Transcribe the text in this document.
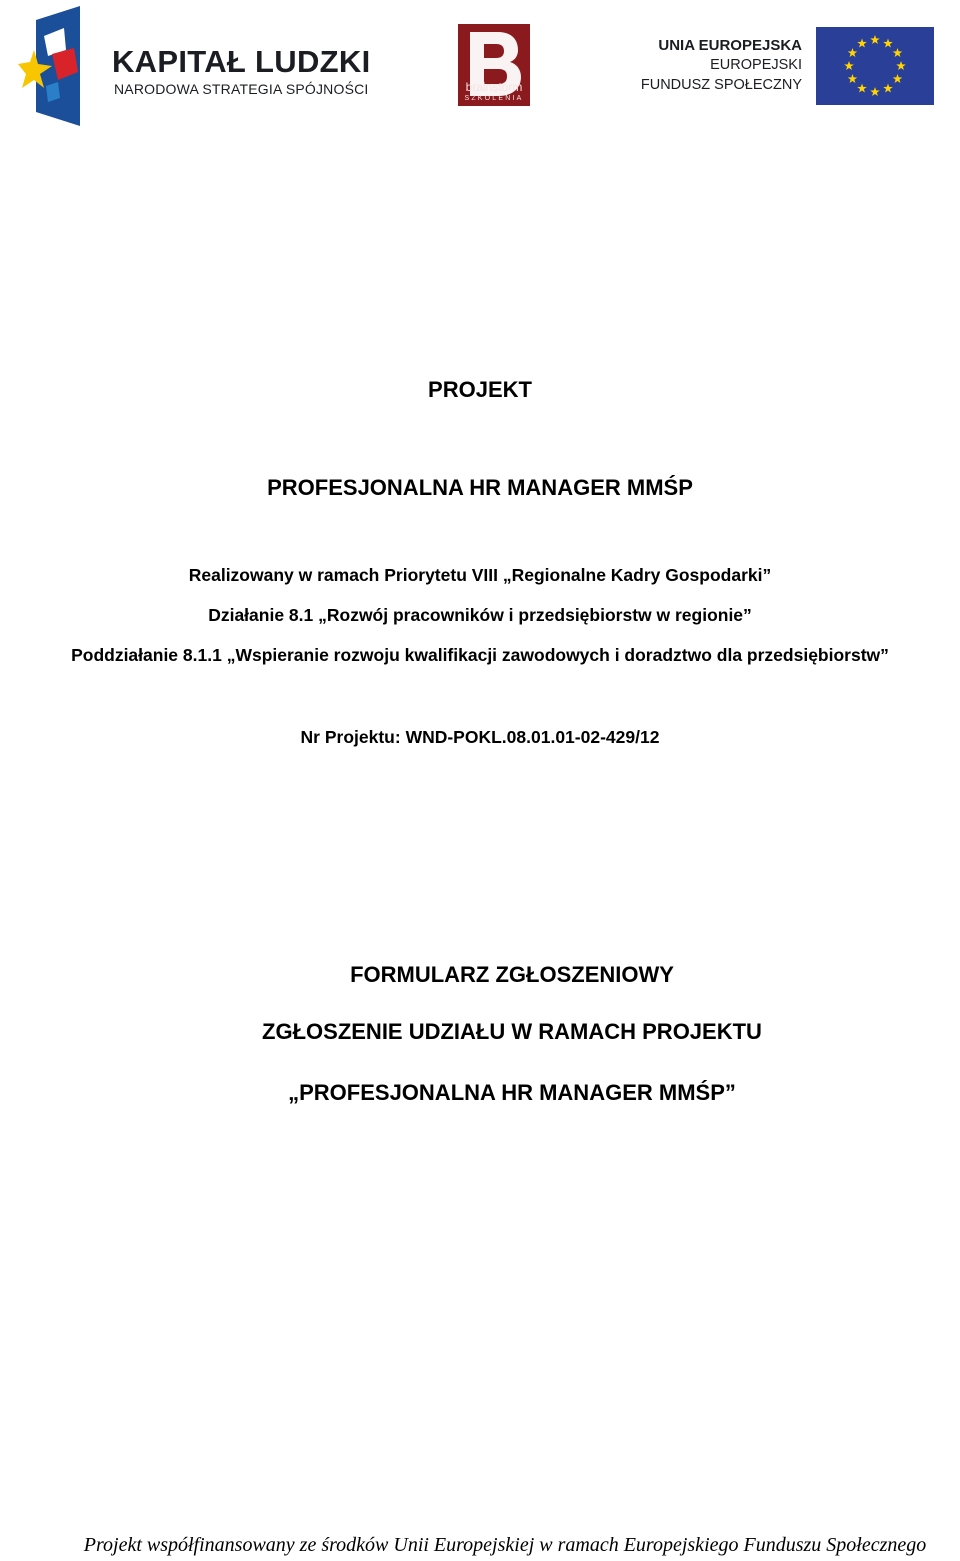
KAPITAŁ LUDZKI
NARODOWA STRATEGIA SPÓJNOŚCI	brainstorm
SZKOLENIA
UNIA EUROPEJSKA
EUROPEJSKI
FUNDUSZ SPOŁECZNY
PROJEKT
PROFESJONALNA HR MANAGER MMŚP
Realizowany w ramach Priorytetu VIII „Regionalne Kadry Gospodarki”
Działanie 8.1 „Rozwój pracowników i przedsiębiorstw w regionie”
Poddziałanie 8.1.1 „Wspieranie rozwoju kwalifikacji zawodowych i doradztwo dla przedsiębiorstw”
Nr Projektu: WND-POKL.08.01.01-02-429/12
FORMULARZ ZGŁOSZENIOWY
ZGŁOSZENIE UDZIAŁU W RAMACH PROJEKTU
„PROFESJONALNA HR MANAGER MMŚP”
Projekt współfinansowany ze środków Unii Europejskiej w ramach Europejskiego Funduszu Społecznego
